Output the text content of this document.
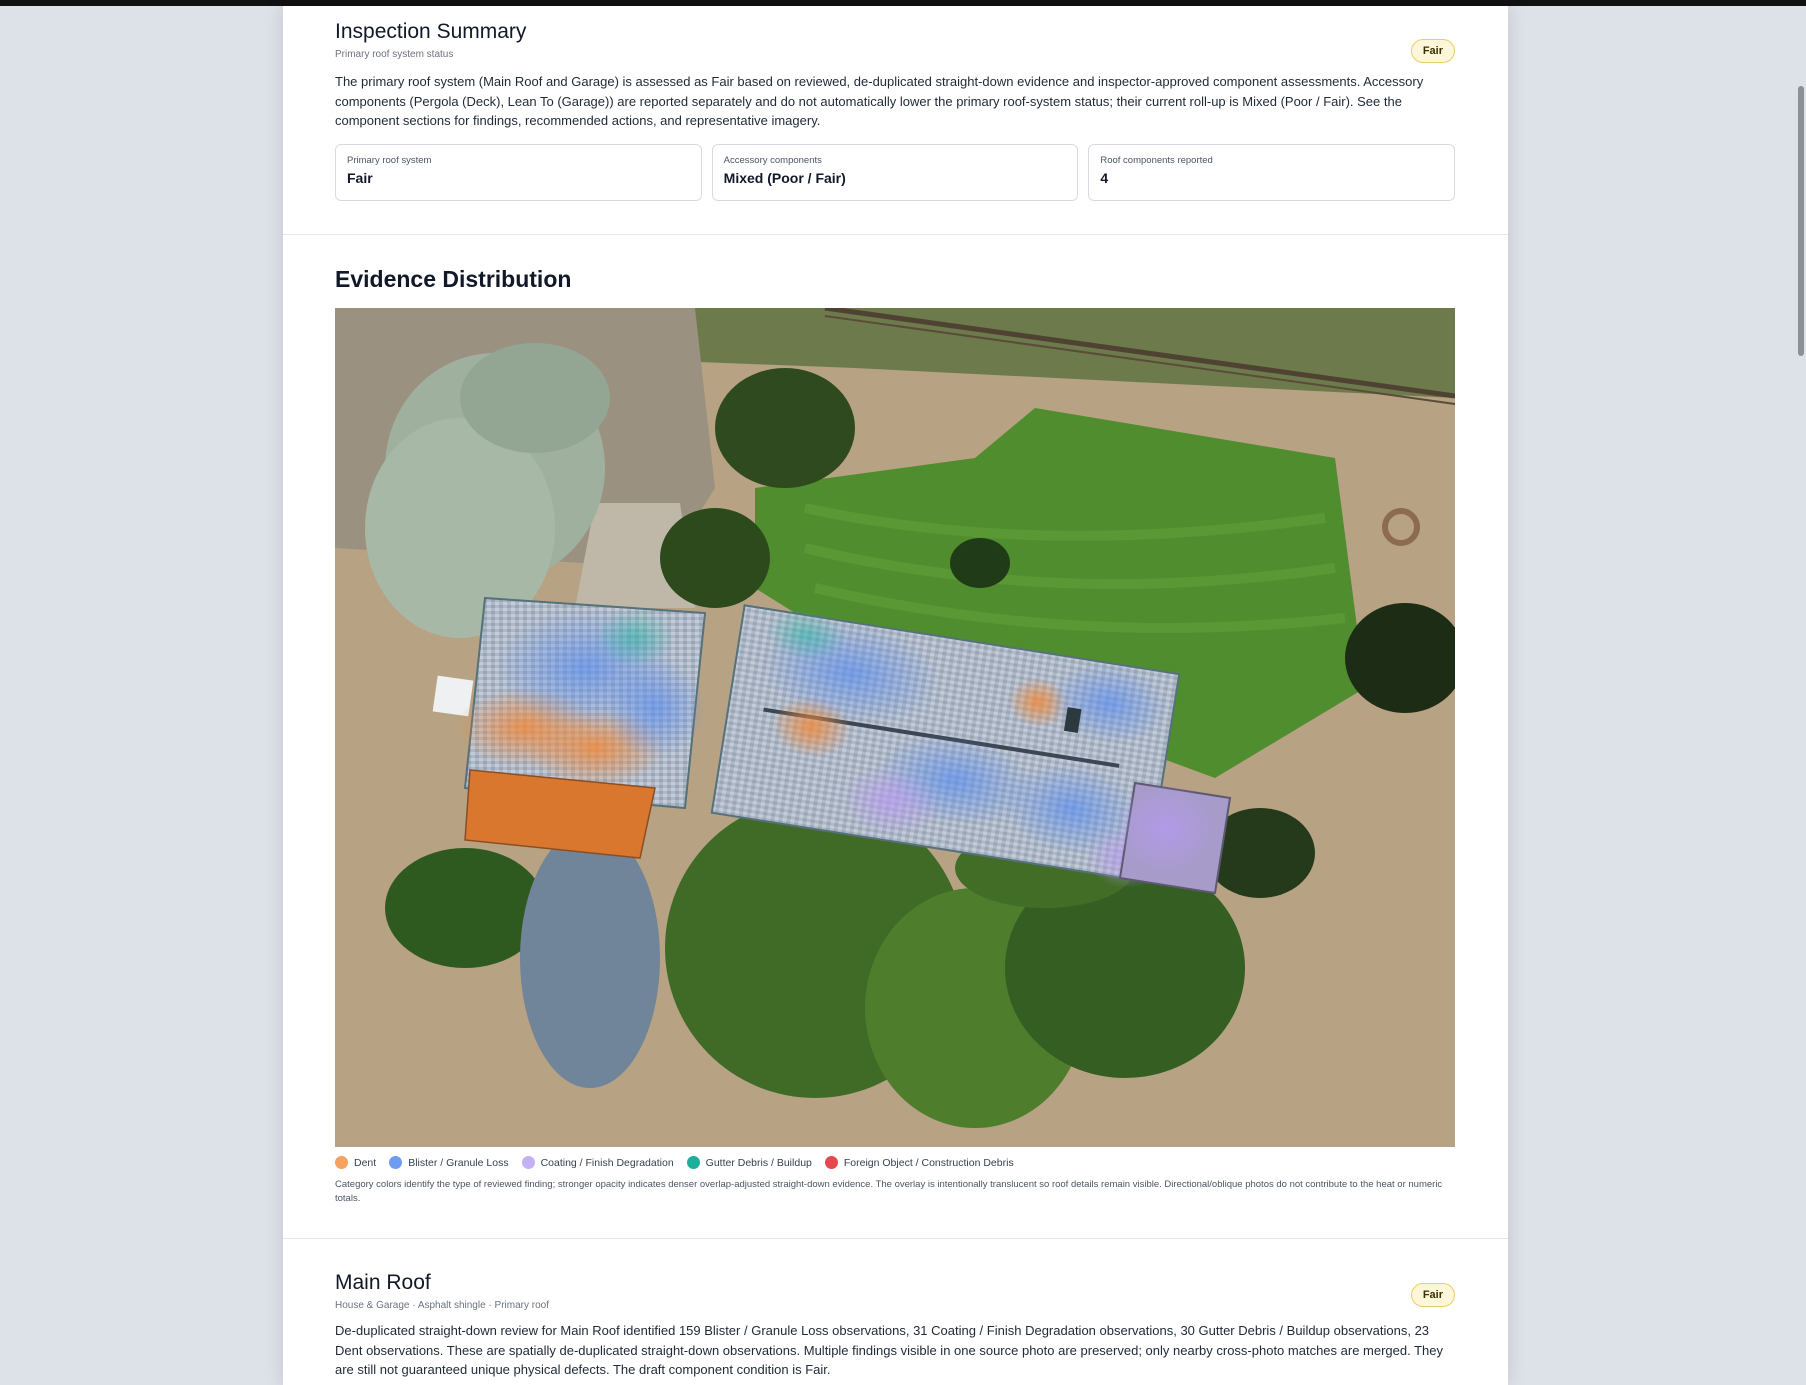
Inspection Summary
Primary roof system status	Fair

The primary roof system (Main Roof and Garage) is assessed as Fair based on reviewed, de-duplicated straight-down evidence and inspector-approved component assessments. Accessory components (Pergola (Deck), Lean To (Garage)) are reported separately and do not automatically lower the primary roof-system status; their current roll-up is Mixed (Poor / Fair). See the component sections for findings, recommended actions, and representative imagery.

Primary roof system
Fair
Accessory components
Mixed (Poor / Fair)
Roof components reported
4
Evidence Distribution
Dent	Blister / Granule Loss	Coating / Finish Degradation	Gutter Debris / Buildup	Foreign Object / Construction Debris

Category colors identify the type of reviewed finding; stronger opacity indicates denser overlap-adjusted straight-down evidence. The overlay is intentionally translucent so roof details remain visible. Directional/oblique photos do not contribute to the heat or numeric totals.

Main Roof
House & Garage · Asphalt shingle · Primary roof
Fair

De-duplicated straight-down review for Main Roof identified 159 Blister / Granule Loss observations, 31 Coating / Finish Degradation observations, 30 Gutter Debris / Buildup observations, 23 Dent observations. These are spatially de-duplicated straight-down observations. Multiple findings visible in one source photo are preserved; only nearby cross-photo matches are merged. They are still not guaranteed unique physical defects. The draft component condition is Fair.
